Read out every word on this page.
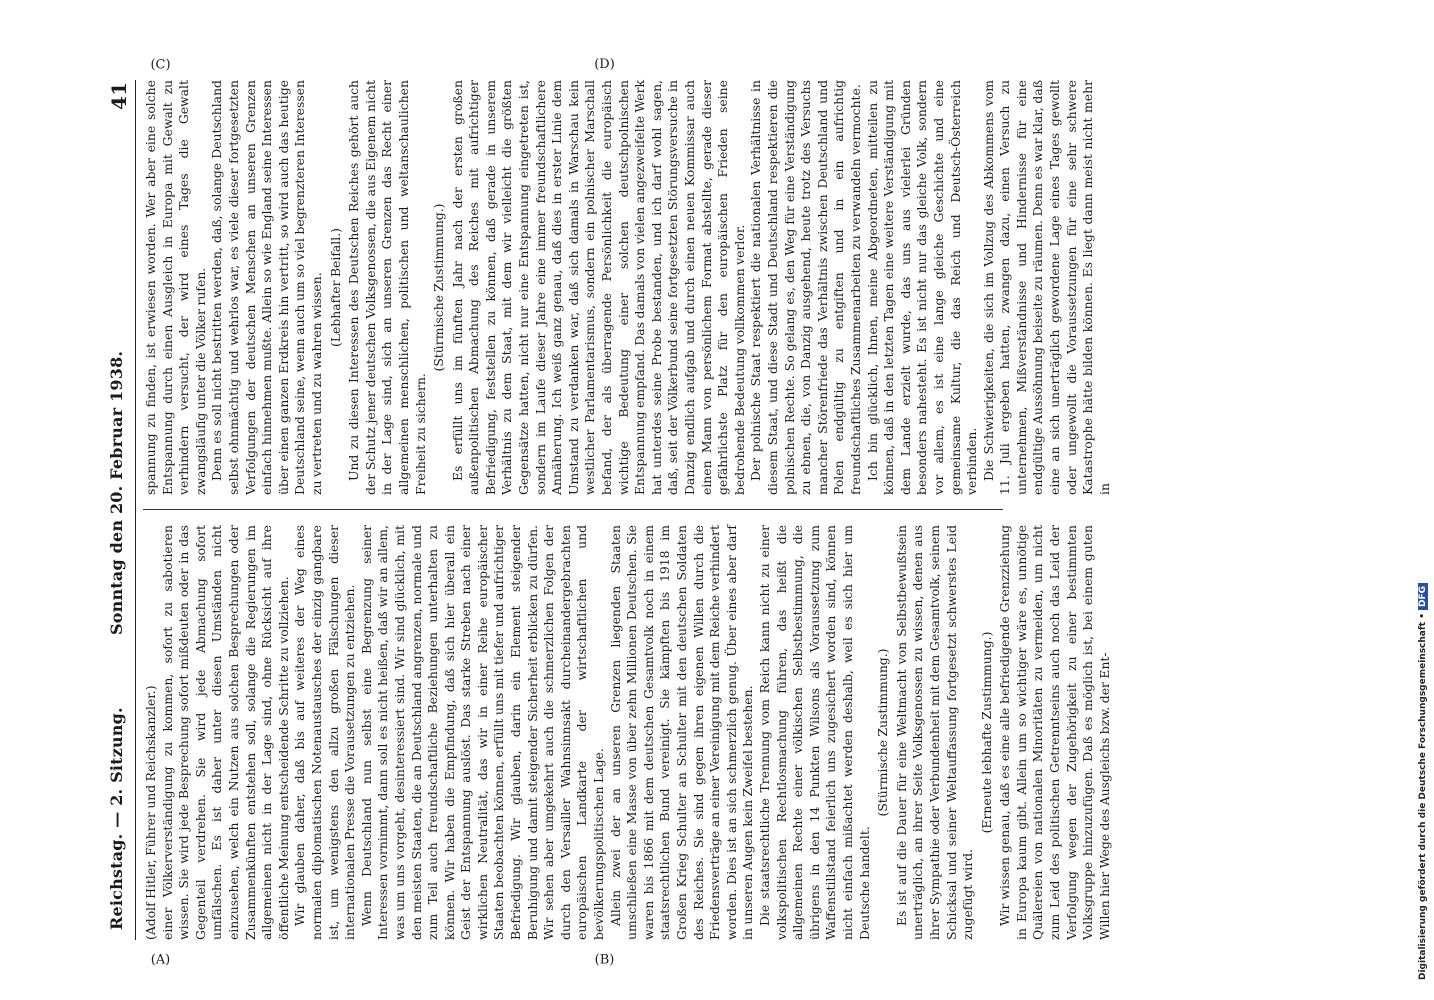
Reichstag. — 2. Sitzung.
Sonntag den 20. Februar 1938.
41

(Adolf Hitler, Führer und Reichskanzler.) einer Völkerverständigung zu kommen, sofort zu sabotieren wissen. Sie wird jede Besprechung sofort mißdeuten oder in das Gegenteil verdrehen. Sie wird jede Abmachung sofort umfälschen. Es ist daher unter diesen Umständen nicht einzusehen, welch ein Nutzen aus solchen Besprechungen oder Zusammenkünften entstehen soll, solange die Regierungen im allgemeinen nicht in der Lage sind, ohne Rücksicht auf ihre öffentliche Meinung entscheidende Schritte zu vollziehen. Wir glauben daher, daß bis auf weiteres der Weg eines normalen diplomatischen Notenaustausches der einzig gangbare ist, um wenigstens den allzu großen Fälschungen dieser internationalen Presse die Vorausetzungen zu entziehen. Wenn Deutschland nun selbst eine Begrenzung seiner Interessen vornimmt, dann soll es nicht heißen, daß wir an allem, was um uns vorgeht, desinteressiert sind. Wir sind glücklich, mit den meisten Staaten, die an Deutschland angrenzen, normale und zum Teil auch freundschaftliche Beziehungen unterhalten zu können. Wir haben die Empfindung, daß sich hier überall ein Geist der Entspannung auslöst. Das starke Streben nach einer wirklichen Neutralität, das wir in einer Reihe europäischer Staaten beobachten können, erfüllt uns mit tiefer und aufrichtiger Befriedigung. Wir glauben, darin ein Element steigender Beruhigung und damit steigender Sicherheit erblicken zu dürfen. Wir sehen aber umgekehrt auch die schmerzlichen Folgen der durch den Versailler Wahnsinnsakt durcheinandergebrachten europäischen Landkarte der wirtschaftlichen und bevölkerungspolitischen Lage. Allein zwei der an unseren Grenzen liegenden Staaten umschließen eine Masse von über zehn Millionen Deutschen. Sie waren bis 1866 mit dem deutschen Gesamtvolk noch in einem staatsrechtlichen Bund vereinigt. Sie kämpften bis 1918 im Großen Krieg Schulter an Schulter mit den deutschen Soldaten des Reiches. Sie sind gegen ihren eigenen Willen durch die Friedensverträge an einer Vereinigung mit dem Reiche verhindert worden. Dies ist an sich schmerzlich genug. Über eines aber darf in unseren Augen kein Zweifel bestehen. Die staatsrechtliche Trennung vom Reich kann nicht zu einer volkspolitischen Rechtlosmachung führen, das heißt die allgemeinen Rechte einer völkischen Selbstbestimmung, die übrigens in den 14 Punkten Wilsons als Voraussetzung zum Waffenstillstand feierlich uns zugesichert worden sind, können nicht einfach mißachtet werden deshalb, weil es sich hier um Deutsche handelt.

(Stürmische Zustimmung.) Es ist auf die Dauer für eine Weltmacht von Selbstbewußtsein unerträglich, an ihrer Seite Volksgenossen zu wissen, denen aus ihrer Sympathie oder Verbundenheit mit dem Gesamtvolk, seinem Schicksal und seiner Weltauffassung fortgesetzt schwerstes Leid zugefügt wird.

(Erneute lebhafte Zustimmung.) Wir wissen genau, daß es eine alle befriedigende Grenzziehung in Europa kaum gibt. Allein um so wichtiger wäre es, unnötige Quälereien von nationalen Minoritäten zu vermeiden, um nicht zum Leid des politischen Getrenntseins auch noch das Leid der Verfolgung wegen der Zugehörigkeit zu einer bestimmten Volksgruppe hinzuzufügen. Daß es möglich ist, bei einem guten Willen hier Wege des Ausgleichs bzw. der Ent-

spannung zu finden, ist erwiesen worden. Wer aber eine solche Entspannung durch einen Ausgleich in Europa mit Gewalt zu verhindern versucht, der wird eines Tages die Gewalt zwangsläufig unter die Völker rufen. Denn es soll nicht bestritten werden, daß, solange Deutschland selbst ohnmächtig und wehrlos war, es viele dieser fortgesetzten Verfolgungen der deutschen Menschen an unseren Grenzen einfach hinnehmen mußte. Allein so wie England seine Interessen über einen ganzen Erdkreis hin vertritt, so wird auch das heutige Deutschland seine, wenn auch um so viel begrenzteren Interessen zu vertreten und zu wahren wissen. (Lebhafter Beifall.) Und zu diesen Interessen des Deutschen Reiches gehört auch der Schutz jener deutschen Volksgenossen, die aus Eigenem nicht in der Lage sind, sich an unseren Grenzen das Recht einer allgemeinen menschlichen, politischen und weltanschaulichen Freiheit zu sichern.

(Stürmische Zustimmung.) Es erfüllt uns im fünften Jahr nach der ersten großen außenpolitischen Abmachung des Reiches mit aufrichtiger Befriedigung, feststellen zu können, daß gerade in unserem Verhältnis zu dem Staat, mit dem wir vielleicht die größten Gegensätze hatten, nicht nur eine Entspannung eingetreten ist, sondern im Laufe dieser Jahre eine immer freundschaftlichere Annäherung. Ich weiß ganz genau, daß dies in erster Linie dem Umstand zu verdanken war, daß sich damals in Warschau kein westlicher Parlamentarismus, sondern ein polnischer Marschall befand, der als überragende Persönlichkeit die europäisch wichtige Bedeutung einer solchen deutschpolnischen Entspannung empfand. Das damals von vielen angezweifelte Werk hat unterdes seine Probe bestanden, und ich darf wohl sagen, daß, seit der Völkerbund seine fortgesetzten Störungsversuche in Danzig endlich aufgab und durch einen neuen Kommissar auch einen Mann von persönlichem Format abstellte, gerade dieser gefährlichste Platz für den europäischen Frieden seine bedrohende Bedeutung vollkommen verlor. Der polnische Staat respektiert die nationalen Verhältnisse in diesem Staat, und diese Stadt und Deutschland respektieren die polnischen Rechte. So gelang es, den Weg für eine Verständigung zu ebnen, die, von Danzig ausgehend, heute trotz des Versuchs mancher Störenfriede das Verhältnis zwischen Deutschland und Polen endgültig zu entgiften und in ein aufrichtig freundschaftliches Zusammenarbeiten zu verwandeln vermochte. Ich bin glücklich, Ihnen, meine Abgeordneten, mitteilen zu können, daß in den letzten Tagen eine weitere Verständigung mit dem Lande erzielt wurde, das uns aus vielerlei Gründen besonders nahesteht. Es ist nicht nur das gleiche Volk, sondern vor allem, es ist eine lange gleiche Geschichte und eine gemeinsame Kultur, die das Reich und Deutsch-Österreich verbinden. Die Schwierigkeiten, die sich im Vollzug des Abkommens vom 11. Juli ergeben hatten, zwangen dazu, einen Versuch zu unternehmen, Mißverständnisse und Hindernisse für eine endgültige Aussöhnung beiseite zu räumen. Denn es war klar, daß eine an sich unerträglich gewordene Lage eines Tages gewollt oder ungewollt die Voraussetzungen für eine sehr schwere Katastrophe hätte bilden können. Es liegt dann meist nicht mehr in

(A)	(B)
(C)	(D)
Digitalisierung gefördert durch die Deutsche Forschungsgemeinschaft •DFG
